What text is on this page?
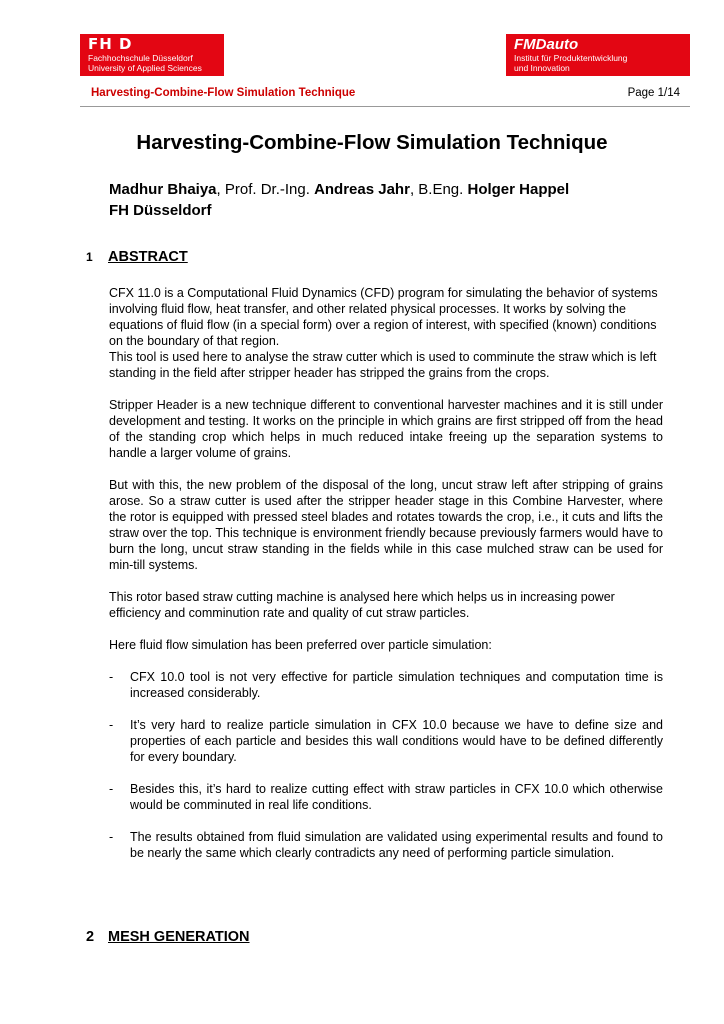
FH D
Fachhochschule Düsseldorf
University of Applied Sciences
FMDauto
Institut für Produktentwicklung
und Innovation
Harvesting-Combine-Flow Simulation Technique	Page 1/14
Harvesting-Combine-Flow Simulation Technique
Madhur Bhaiya, Prof. Dr.-Ing. Andreas Jahr, B.Eng. Holger Happel
FH Düsseldorf
1 ABSTRACT

CFX 11.0 is a Computational Fluid Dynamics (CFD) program for simulating the behavior of systems involving fluid flow, heat transfer, and other related physical processes. It works by solving the equations of fluid flow (in a special form) over a region of interest, with specified (known) conditions on the boundary of that region.

This tool is used here to analyse the straw cutter which is used to comminute the straw which is left standing in the field after stripper header has stripped the grains from the crops.

Stripper Header is a new technique different to conventional harvester machines and it is still under development and testing. It works on the principle in which grains are first stripped off from the head of the standing crop which helps in much reduced intake freeing up the separation systems to handle a larger volume of grains.

But with this, the new problem of the disposal of the long, uncut straw left after stripping of grains arose. So a straw cutter is used after the stripper header stage in this Combine Harvester, where the rotor is equipped with pressed steel blades and rotates towards the crop, i.e., it cuts and lifts the straw over the top. This technique is environment friendly because previously farmers would have to burn the long, uncut straw standing in the fields while in this case mulched straw can be used for min-till systems.

This rotor based straw cutting machine is analysed here which helps us in increasing power efficiency and comminution rate and quality of cut straw particles.

Here fluid flow simulation has been preferred over particle simulation:

- CFX 10.0 tool is not very effective for particle simulation techniques and computation time is increased considerably.
- It’s very hard to realize particle simulation in CFX 10.0 because we have to define size and properties of each particle and besides this wall conditions would have to be defined differently for every boundary.
- Besides this, it’s hard to realize cutting effect with straw particles in CFX 10.0 which otherwise would be comminuted in real life conditions.
- The results obtained from fluid simulation are validated using experimental results and found to be nearly the same which clearly contradicts any need of performing particle simulation.
2 MESH GENERATION
